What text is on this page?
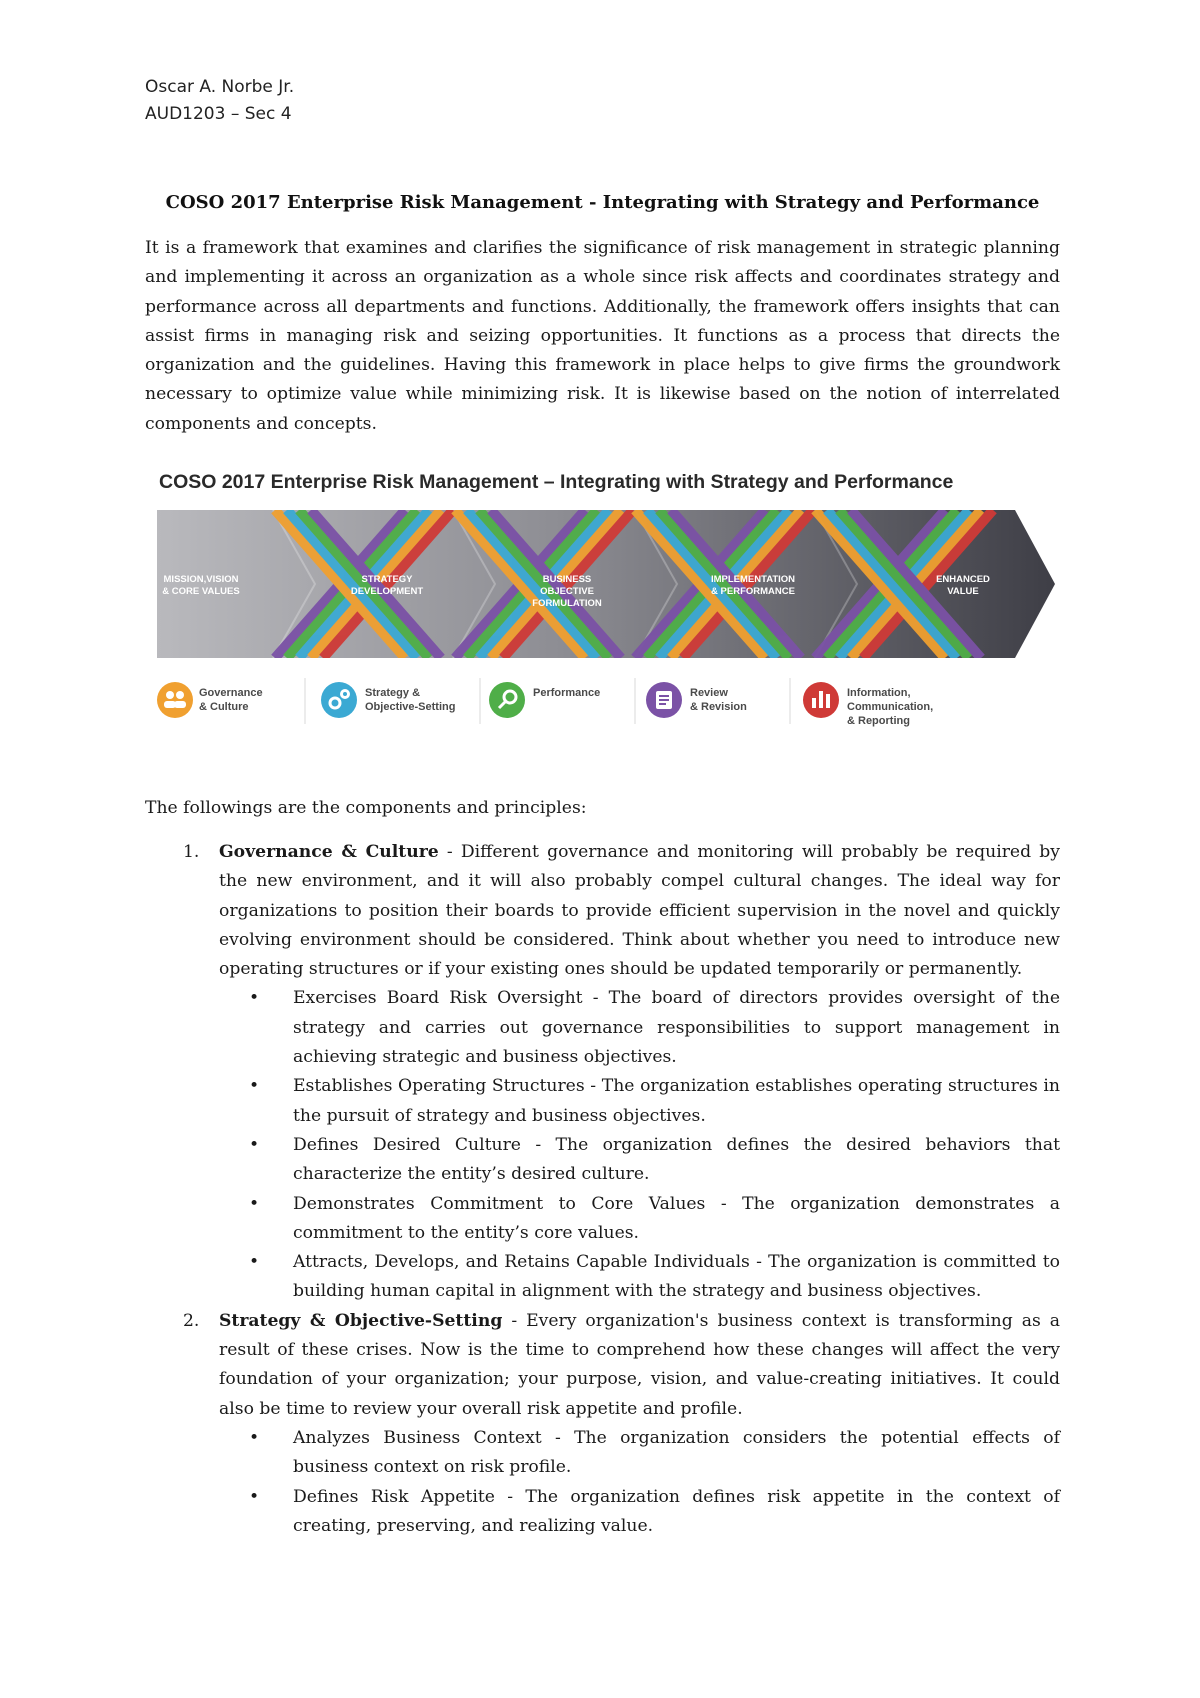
Oscar A. Norbe Jr.
AUD1203 – Sec 4
COSO 2017 Enterprise Risk Management - Integrating with Strategy and Performance
It is a framework that examines and clarifies the significance of risk management in strategic planning and implementing it across an organization as a whole since risk affects and coordinates strategy and performance across all departments and functions. Additionally, the framework offers insights that can assist firms in managing risk and seizing opportunities. It functions as a process that directs the organization and the guidelines. Having this framework in place helps to give firms the groundwork necessary to optimize value while minimizing risk. It is likewise based on the notion of interrelated components and concepts.
COSO 2017 Enterprise Risk Management – Integrating with Strategy and Performance
MISSION,VISION
& CORE VALUES
STRATEGY
DEVELOPMENT
BUSINESS
OBJECTIVE
FORMULATION
IMPLEMENTATION
& PERFORMANCE
ENHANCED
VALUE
Governance
& Culture
Strategy &
Objective-Setting
Performance	Review
& Revision
Information,
Communication,
& Reporting
The followings are the components and principles:
1. Governance & Culture - Different governance and monitoring will probably be required by the new environment, and it will also probably compel cultural changes. The ideal way for organizations to position their boards to provide efficient supervision in the novel and quickly evolving environment should be considered. Think about whether you need to introduce new operating structures or if your existing ones should be updated temporarily or permanently.
• Exercises Board Risk Oversight - The board of directors provides oversight of the strategy and carries out governance responsibilities to support management in achieving strategic and business objectives.
• Establishes Operating Structures - The organization establishes operating structures in the pursuit of strategy and business objectives.
• Defines Desired Culture - The organization defines the desired behaviors that characterize the entity’s desired culture.
• Demonstrates Commitment to Core Values - The organization demonstrates a commitment to the entity’s core values.
• Attracts, Develops, and Retains Capable Individuals - The organization is committed to building human capital in alignment with the strategy and business objectives.
2. Strategy & Objective-Setting - Every organization's business context is transforming as a result of these crises. Now is the time to comprehend how these changes will affect the very foundation of your organization; your purpose, vision, and value-creating initiatives. It could also be time to review your overall risk appetite and profile.
• Analyzes Business Context - The organization considers the potential effects of business context on risk profile.
• Defines Risk Appetite - The organization defines risk appetite in the context of creating, preserving, and realizing value.
